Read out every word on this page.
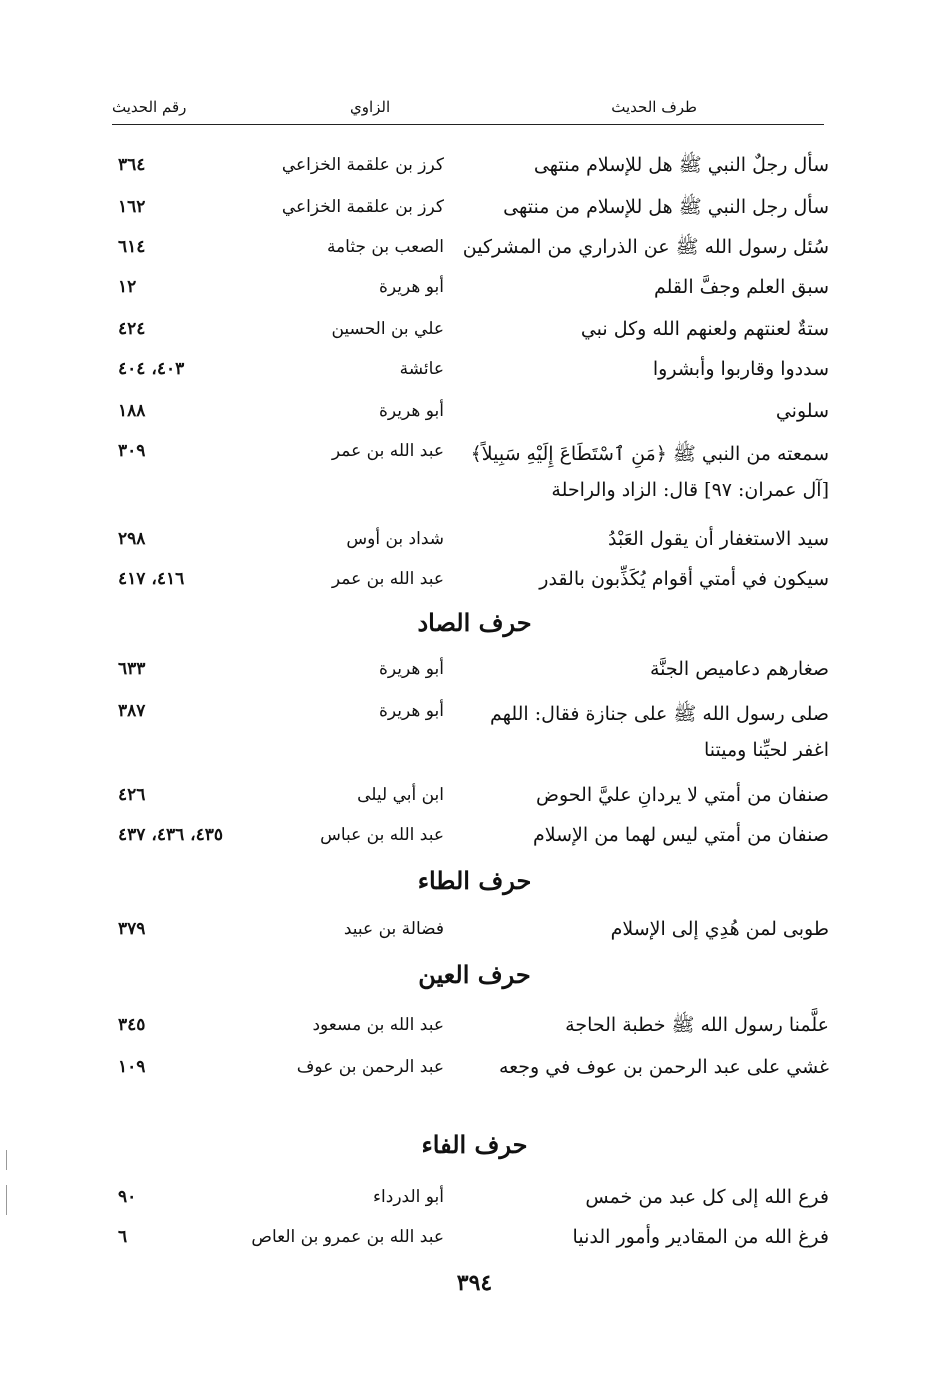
طرف الحديث
الزاوي
رقم الحديث
سأل رجلٌ النبي ﷺ هل للإسلام منتهى
كرز بن علقمة الخزاعي
٣٦٤
سأل رجل النبي ﷺ هل للإسلام من منتهى
كرز بن علقمة الخزاعي
١٦٢
سُئل رسول الله ﷺ عن الذراري من المشركين
الصعب بن جثامة
٦١٤
سبق العلم وجفَّ القلم
أبو هريرة
١٢
ستةٌ لعنتهم ولعنهم الله وكل نبي
علي بن الحسين
٤٢٤
سددوا وقاربوا وأبشروا
عائشة
٤٠٣، ٤٠٤
سلوني
أبو هريرة
١٨٨
سمعته من النبي ﷺ ﴿مَنِ ٱسْتَطَاعَ إِلَيْهِ سَبِيلاً﴾ [آل عمران: ٩٧] قال: الزاد والراحلة
عبد الله بن عمر
٣٠٩
سيد الاستغفار أن يقول العَبْدُ
شداد بن أوس
٢٩٨
سيكون في أمتي أقوام يُكَذِّبون بالقدر
عبد الله بن عمر
٤١٦، ٤١٧
حرف الصاد
صغارهم دعاميص الجنَّة
أبو هريرة
٦٣٣
صلى رسول الله ﷺ على جنازة فقال: اللهم اغفر لحيِّنا وميتنا
أبو هريرة
٣٨٧
صنفان من أمتي لا يردانِ عليَّ الحوض
ابن أبي ليلى
٤٢٦
صنفان من أمتي ليس لهما من الإسلام
عبد الله بن عباس
٤٣٥، ٤٣٦، ٤٣٧
حرف الطاء
طوبى لمن هُدِي إلى الإسلام
فضالة بن عبيد
٣٧٩
حرف العين
علَّمنا رسول الله ﷺ خطبة الحاجة
عبد الله بن مسعود
٣٤٥
غشي على عبد الرحمن بن عوف في وجعه
عبد الرحمن بن عوف
١٠٩
حرف الفاء
فرع الله إلى كل عبد من خمس
أبو الدرداء
٩٠
فرغ الله من المقادير وأمور الدنيا
عبد الله بن عمرو بن العاص
٦
٣٩٤
